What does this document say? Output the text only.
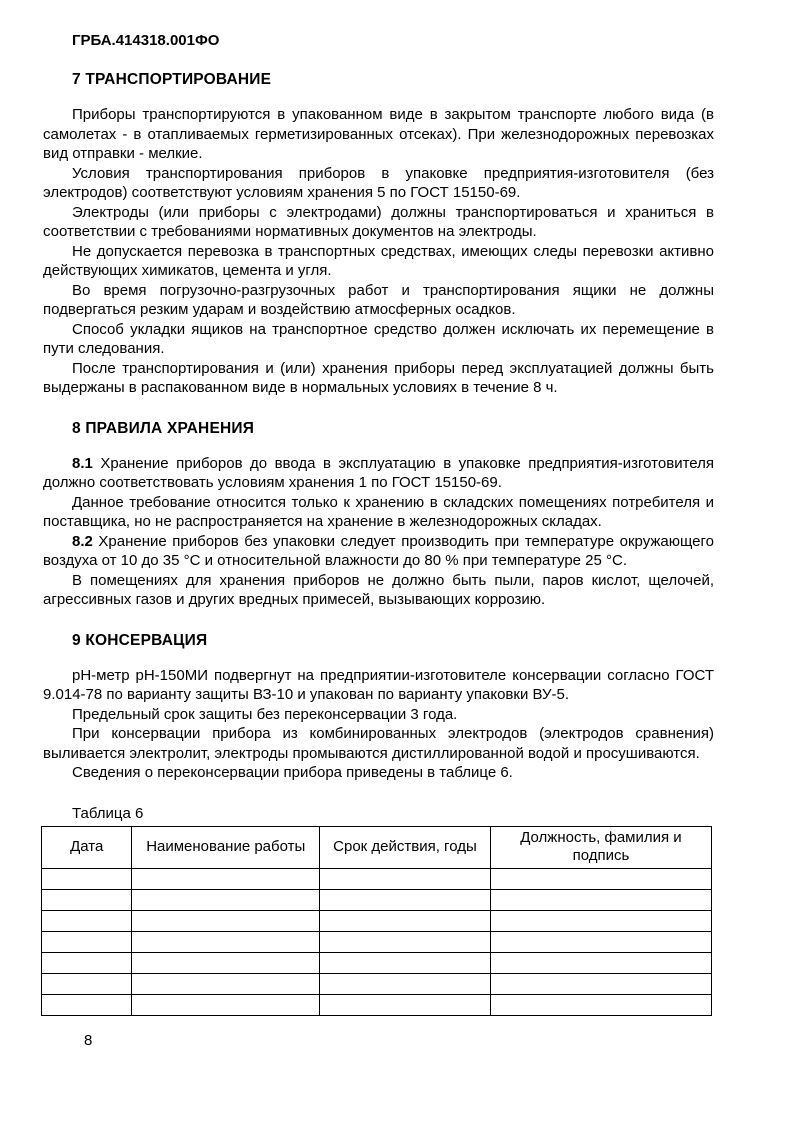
ГРБА.414318.001ФО
7 ТРАНСПОРТИРОВАНИЕ

Приборы транспортируются в упакованном виде в закрытом транспорте любого вида (в самолетах - в отапливаемых герметизированных отсеках). При железнодорожных перевозках вид отправки - мелкие.

Условия транспортирования приборов в упаковке предприятия-изготовителя (без электродов) соответствуют условиям хранения 5 по ГОСТ 15150-69.

Электроды (или приборы с электродами) должны транспортироваться и храниться в соответствии с требованиями нормативных документов на электроды.

Не допускается перевозка в транспортных средствах, имеющих следы перевозки активно действующих химикатов, цемента и угля.

Во время погрузочно-разгрузочных работ и транспортирования ящики не должны подвергаться резким ударам и воздействию атмосферных осадков.

Способ укладки ящиков на транспортное средство должен исключать их перемещение в пути следования.

После транспортирования и (или) хранения приборы перед эксплуатацией должны быть выдержаны в распакованном виде в нормальных условиях в течение 8 ч.

8 ПРАВИЛА ХРАНЕНИЯ

8.1 Хранение приборов до ввода в эксплуатацию в упаковке предприятия-изготовителя должно соответствовать условиям хранения 1 по ГОСТ 15150-69.

Данное требование относится только к хранению в складских помещениях потребителя и поставщика, но не распространяется на хранение в железнодорожных складах.

8.2 Хранение приборов без упаковки следует производить при температуре окружающего воздуха от 10 до 35 °С и относительной влажности до 80 % при температуре 25 °С.

В помещениях для хранения приборов не должно быть пыли, паров кислот, щелочей, агрессивных газов и других вредных примесей, вызывающих коррозию.

9 КОНСЕРВАЦИЯ

pH-метр pH-150МИ подвергнут на предприятии-изготовителе консервации согласно ГОСТ 9.014-78 по варианту защиты ВЗ-10 и упакован по варианту упаковки ВУ-5.

Предельный срок защиты без переконсервации 3 года.

При консервации прибора из комбинированных электродов (электродов сравнения) выливается электролит, электроды промываются дистиллированной водой и просушиваются.

Сведения о переконсервации прибора приведены в таблице 6.

Таблица 6
Дата	Наименование работы	Срок действия, годы	Должность, фамилия и подпись

8
